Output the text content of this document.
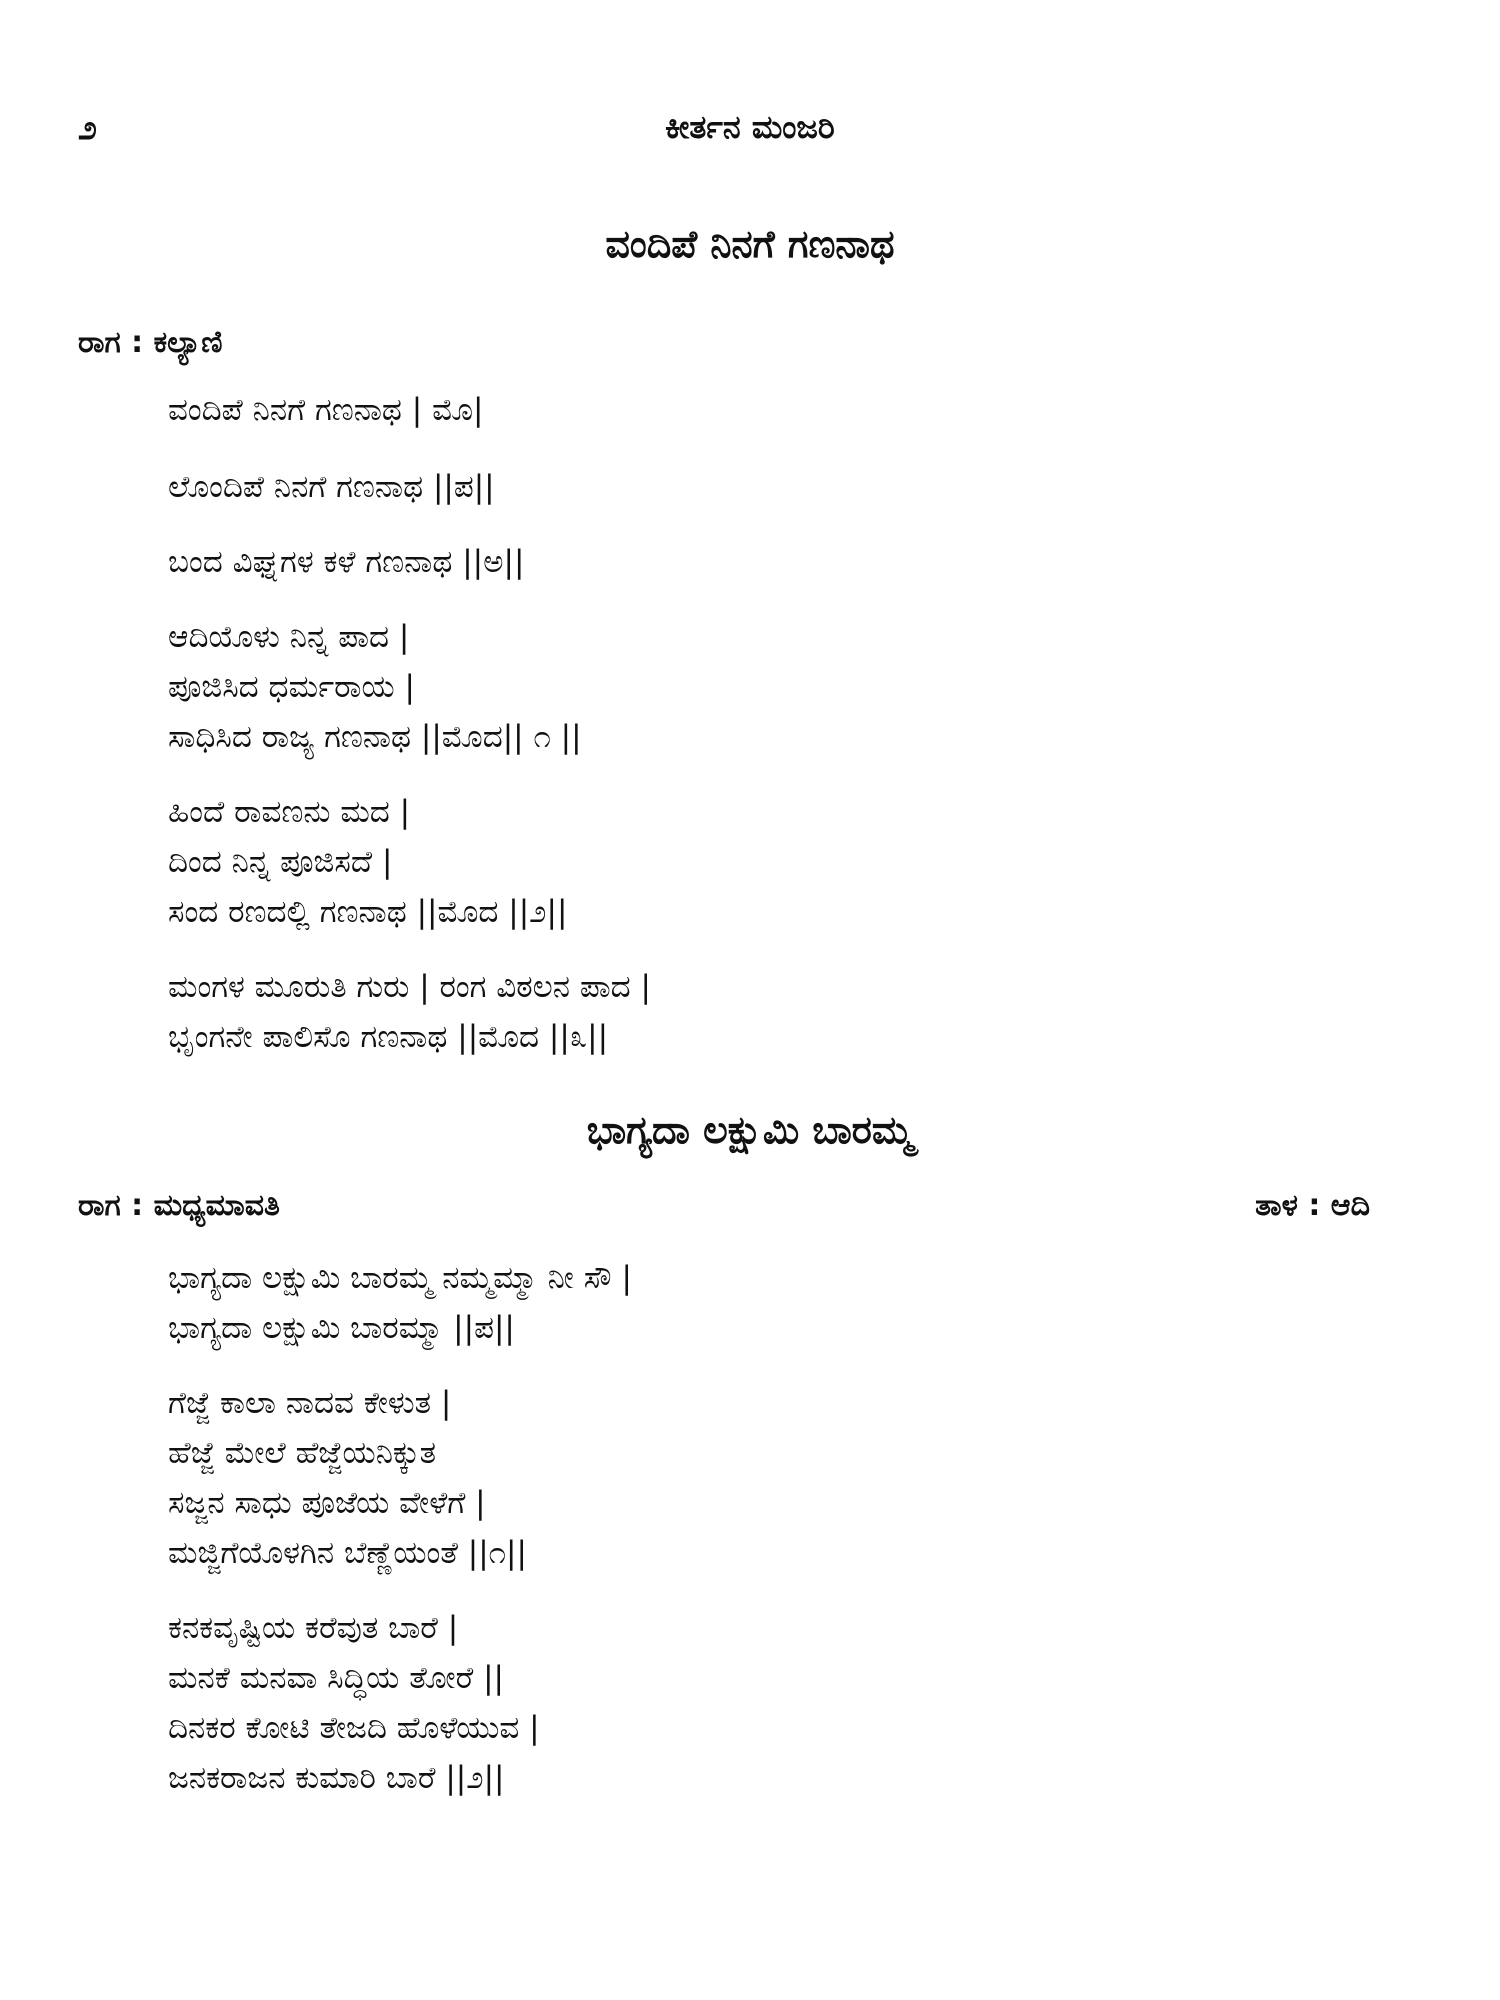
೨	ಕೀರ್ತನ ಮಂಜರಿ
ವಂದಿಪೆ ನಿನಗೆ ಗಣನಾಥ
ರಾಗ : ಕಲ್ಯಾಣಿ
ವಂದಿಪೆ ನಿನಗೆ ಗಣನಾಥ | ಮೊ|
ಲೊಂದಿಪೆ ನಿನಗೆ ಗಣನಾಥ ||ಪ||
ಬಂದ ವಿಘ್ನಗಳ ಕಳೆ ಗಣನಾಥ ||ಅ||
ಆದಿಯೊಳು ನಿನ್ನ ಪಾದ |
ಪೂಜಿಸಿದ ಧರ್ಮರಾಯ |
ಸಾಧಿಸಿದ ರಾಜ್ಯ ಗಣನಾಥ ||ಮೊದ|| ೧ ||
ಹಿಂದೆ ರಾವಣನು ಮದ |
ದಿಂದ ನಿನ್ನ ಪೂಜಿಸದೆ |
ಸಂದ ರಣದಲ್ಲಿ ಗಣನಾಥ ||ಮೊದ ||೨||
ಮಂಗಳ ಮೂರುತಿ ಗುರು | ರಂಗ ವಿಠಲನ ಪಾದ |
ಭೃಂಗನೇ ಪಾಲಿಸೊ ಗಣನಾಥ ||ಮೊದ ||೩||
ಭಾಗ್ಯದಾ ಲಕ್ಷುಮಿ ಬಾರಮ್ಮ
ರಾಗ : ಮಧ್ಯಮಾವತಿ	ತಾಳ : ಆದಿ
ಭಾಗ್ಯದಾ ಲಕ್ಷುಮಿ ಬಾರಮ್ಮ ನಮ್ಮಮ್ಮಾ ನೀ ಸೌ |
ಭಾಗ್ಯದಾ ಲಕ್ಷುಮಿ ಬಾರಮ್ಮಾ ||ಪ||
ಗೆಜ್ಜೆ ಕಾಲಾ ನಾದವ ಕೇಳುತ |
ಹೆಜ್ಜೆ ಮೇಲೆ ಹೆಜ್ಜೆಯನಿಕ್ಕುತ
ಸಜ್ಜನ ಸಾಧು ಪೂಜೆಯ ವೇಳೆಗೆ |
ಮಜ್ಜಿಗೆಯೊಳಗಿನ ಬೆಣ್ಣೆಯಂತೆ ||೧||
ಕನಕವೃಷ್ಟಿಯ ಕರೆವುತ ಬಾರೆ |
ಮನಕೆ ಮನವಾ ಸಿದ್ಧಿಯ ತೋರೆ ||
ದಿನಕರ ಕೋಟಿ ತೇಜದಿ ಹೊಳೆಯುವ |
ಜನಕರಾಜನ ಕುಮಾರಿ ಬಾರೆ ||೨||
